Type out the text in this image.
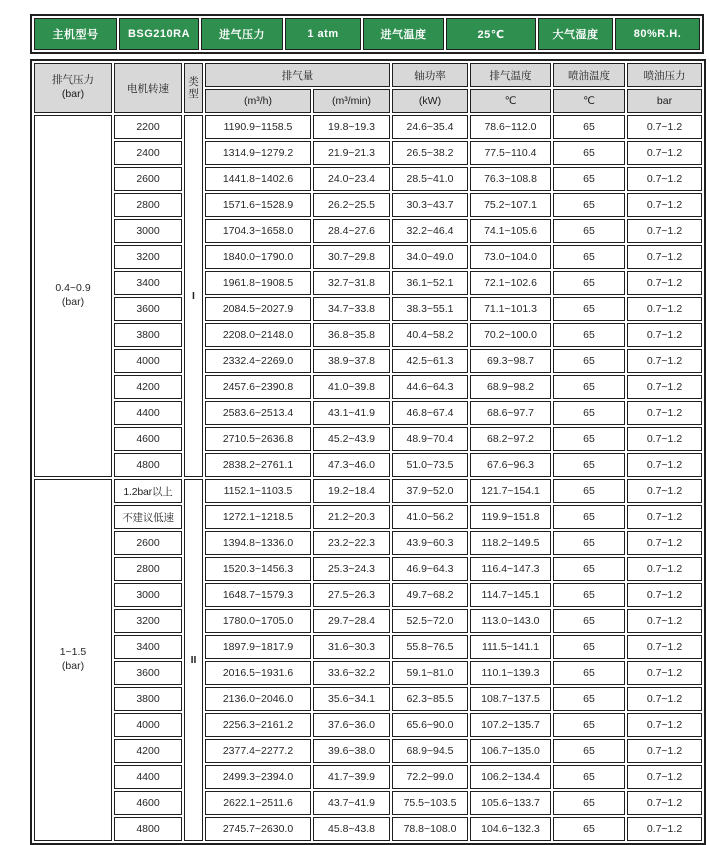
主机型号	BSG210RA	进气压力	1 atm	进气温度	25℃	大气湿度	80%R.H.
排气压力
(bar)	电机转速	类型	排气量		轴功率	排气温度	喷油温度	喷油压力
			(m³/h)	(m³/min)	(kW)	℃	℃	bar

0.4~0.9
(bar)	2200	I	1190.9~1158.5	19.8~19.3	24.6~35.4	78.6~112.0	65	0.7~1.2
	2400		1314.9~1279.2	21.9~21.3	26.5~38.2	77.5~110.4	65	0.7~1.2
	2600		1441.8~1402.6	24.0~23.4	28.5~41.0	76.3~108.8	65	0.7~1.2
	2800		1571.6~1528.9	26.2~25.5	30.3~43.7	75.2~107.1	65	0.7~1.2
	3000		1704.3~1658.0	28.4~27.6	32.2~46.4	74.1~105.6	65	0.7~1.2
	3200		1840.0~1790.0	30.7~29.8	34.0~49.0	73.0~104.0	65	0.7~1.2
	3400		1961.8~1908.5	32.7~31.8	36.1~52.1	72.1~102.6	65	0.7~1.2
	3600		2084.5~2027.9	34.7~33.8	38.3~55.1	71.1~101.3	65	0.7~1.2
	3800		2208.0~2148.0	36.8~35.8	40.4~58.2	70.2~100.0	65	0.7~1.2
	4000		2332.4~2269.0	38.9~37.8	42.5~61.3	69.3~98.7	65	0.7~1.2
	4200		2457.6~2390.8	41.0~39.8	44.6~64.3	68.9~98.2	65	0.7~1.2
	4400		2583.6~2513.4	43.1~41.9	46.8~67.4	68.6~97.7	65	0.7~1.2
	4600		2710.5~2636.8	45.2~43.9	48.9~70.4	68.2~97.2	65	0.7~1.2
	4800		2838.2~2761.1	47.3~46.0	51.0~73.5	67.6~96.3	65	0.7~1.2

1~1.5
(bar)	1.2bar以上	II	1152.1~1103.5	19.2~18.4	37.9~52.0	121.7~154.1	65	0.7~1.2
	不建议低速		1272.1~1218.5	21.2~20.3	41.0~56.2	119.9~151.8	65	0.7~1.2
	2600		1394.8~1336.0	23.2~22.3	43.9~60.3	118.2~149.5	65	0.7~1.2
	2800		1520.3~1456.3	25.3~24.3	46.9~64.3	116.4~147.3	65	0.7~1.2
	3000		1648.7~1579.3	27.5~26.3	49.7~68.2	114.7~145.1	65	0.7~1.2
	3200		1780.0~1705.0	29.7~28.4	52.5~72.0	113.0~143.0	65	0.7~1.2
	3400		1897.9~1817.9	31.6~30.3	55.8~76.5	111.5~141.1	65	0.7~1.2
	3600		2016.5~1931.6	33.6~32.2	59.1~81.0	110.1~139.3	65	0.7~1.2
	3800		2136.0~2046.0	35.6~34.1	62.3~85.5	108.7~137.5	65	0.7~1.2
	4000		2256.3~2161.2	37.6~36.0	65.6~90.0	107.2~135.7	65	0.7~1.2
	4200		2377.4~2277.2	39.6~38.0	68.9~94.5	106.7~135.0	65	0.7~1.2
	4400		2499.3~2394.0	41.7~39.9	72.2~99.0	106.2~134.4	65	0.7~1.2
	4600		2622.1~2511.6	43.7~41.9	75.5~103.5	105.6~133.7	65	0.7~1.2
	4800		2745.7~2630.0	45.8~43.8	78.8~108.0	104.6~132.3	65	0.7~1.2
